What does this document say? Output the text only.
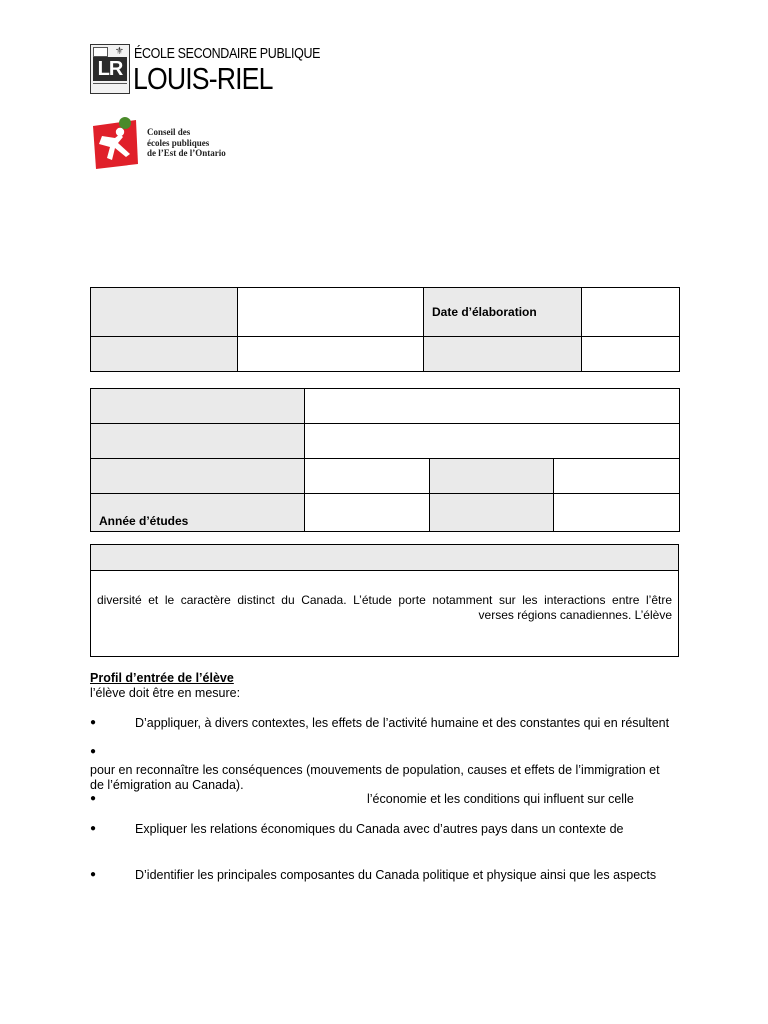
⚜
LR
ÉCOLE SECONDAIRE PUBLIQUE
LOUIS-RIEL
Conseil des
écoles publiques
de l’Est de l’Ontario
		Date d’élaboration	

Année d’études			
diversité et le caractère distinct du Canada. L’étude porte notamment sur les interactions entre l’être
verses régions canadiennes. L’élève
Profil d’entrée de l’élève
l’élève doit être en mesure:
●	D’appliquer, à divers contextes, les effets de l’activité humaine et des constantes qui en résultent
●
pour en reconnaître les conséquences (mouvements de population, causes et effets de l’immigration et
de l’émigration au Canada).
●	l’économie et les conditions qui influent sur celle
●	Expliquer les relations économiques du Canada avec d’autres pays dans un contexte de
●	D’identifier les principales composantes du Canada politique et physique ainsi que les aspects
